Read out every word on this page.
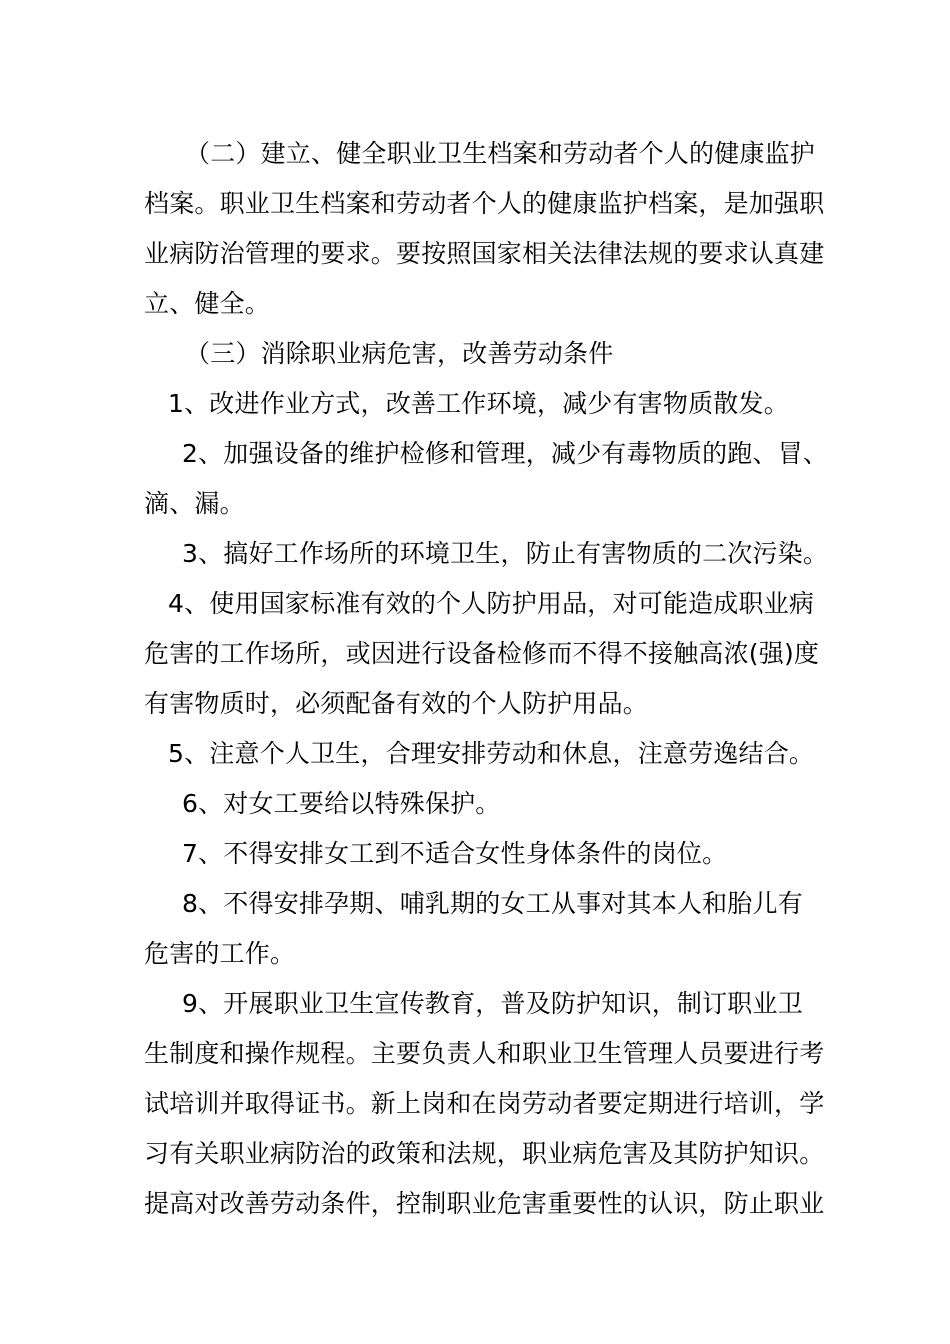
（二）建立、健全职业卫生档案和劳动者个人的健康监护
档案。职业卫生档案和劳动者个人的健康监护档案，是加强职
业病防治管理的要求。要按照国家相关法律法规的要求认真建
立、健全。
（三）消除职业病危害，改善劳动条件
1、改进作业方式，改善工作环境，减少有害物质散发。
2、加强设备的维护检修和管理，减少有毒物质的跑、冒、
滴、漏。
3、搞好工作场所的环境卫生，防止有害物质的二次污染。
4、使用国家标准有效的个人防护用品，对可能造成职业病
危害的工作场所，或因进行设备检修而不得不接触高浓(强)度
有害物质时，必须配备有效的个人防护用品。
5、注意个人卫生，合理安排劳动和休息，注意劳逸结合。
6、对女工要给以特殊保护。
7、不得安排女工到不适合女性身体条件的岗位。
8、不得安排孕期、哺乳期的女工从事对其本人和胎儿有
危害的工作。
9、开展职业卫生宣传教育，普及防护知识，制订职业卫
生制度和操作规程。主要负责人和职业卫生管理人员要进行考
试培训并取得证书。新上岗和在岗劳动者要定期进行培训，学
习有关职业病防治的政策和法规，职业病危害及其防护知识。
提高对改善劳动条件，控制职业危害重要性的认识，防止职业
